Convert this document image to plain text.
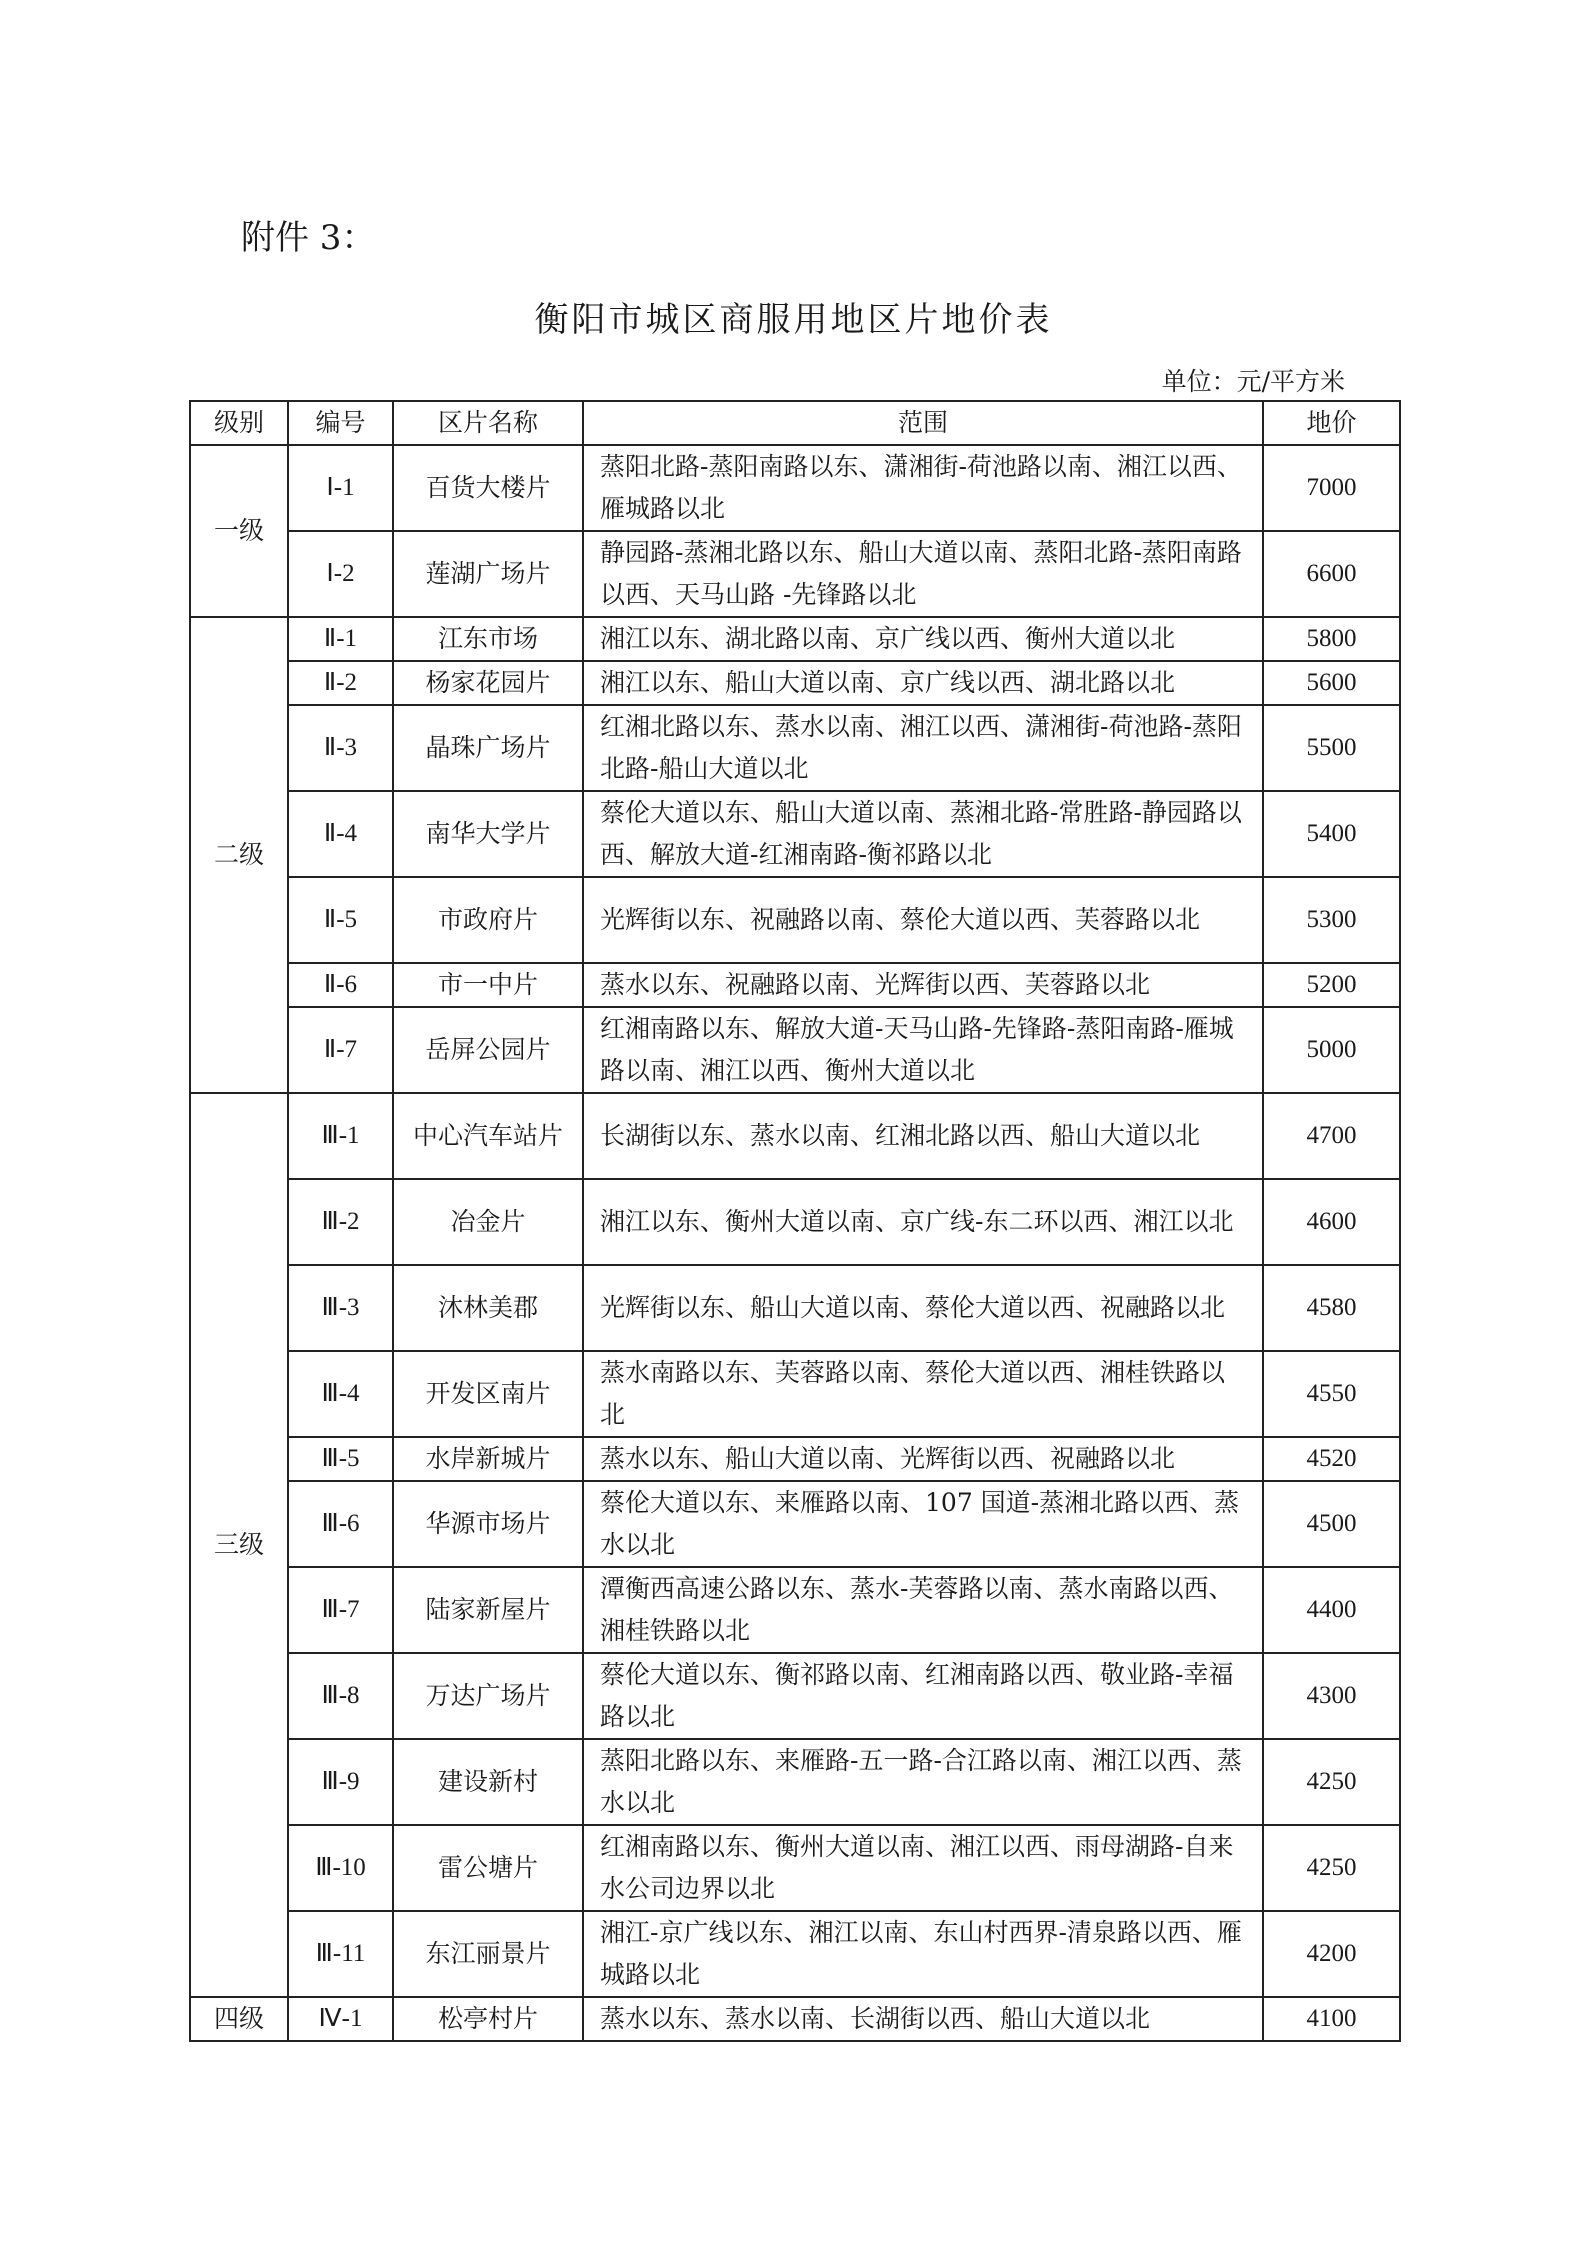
附件 3：
衡阳市城区商服用地区片地价表
单位：元/平方米
级别	编号	区片名称	范围	地价
一级	Ⅰ-1	百货大楼片	蒸阳北路-蒸阳南路以东、潇湘街-荷池路以南、湘江以西、雁城路以北	7000
	Ⅰ-2	莲湖广场片	静园路-蒸湘北路以东、船山大道以南、蒸阳北路-蒸阳南路以西、天马山路 -先锋路以北	6600
二级	Ⅱ-1	江东市场	湘江以东、湖北路以南、京广线以西、衡州大道以北	5800
	Ⅱ-2	杨家花园片	湘江以东、船山大道以南、京广线以西、湖北路以北	5600
	Ⅱ-3	晶珠广场片	红湘北路以东、蒸水以南、湘江以西、潇湘街-荷池路-蒸阳北路-船山大道以北	5500
	Ⅱ-4	南华大学片	蔡伦大道以东、船山大道以南、蒸湘北路-常胜路-静园路以西、解放大道-红湘南路-衡祁路以北	5400
	Ⅱ-5	市政府片	光辉街以东、祝融路以南、蔡伦大道以西、芙蓉路以北	5300
	Ⅱ-6	市一中片	蒸水以东、祝融路以南、光辉街以西、芙蓉路以北	5200
	Ⅱ-7	岳屏公园片	红湘南路以东、解放大道-天马山路-先锋路-蒸阳南路-雁城路以南、湘江以西、衡州大道以北	5000
三级	Ⅲ-1	中心汽车站片	长湖街以东、蒸水以南、红湘北路以西、船山大道以北	4700
	Ⅲ-2	冶金片	湘江以东、衡州大道以南、京广线-东二环以西、湘江以北	4600
	Ⅲ-3	沐林美郡	光辉街以东、船山大道以南、蔡伦大道以西、祝融路以北	4580
	Ⅲ-4	开发区南片	蒸水南路以东、芙蓉路以南、蔡伦大道以西、湘桂铁路以北	4550
	Ⅲ-5	水岸新城片	蒸水以东、船山大道以南、光辉街以西、祝融路以北	4520
	Ⅲ-6	华源市场片	蔡伦大道以东、来雁路以南、107 国道-蒸湘北路以西、蒸水以北	4500
	Ⅲ-7	陆家新屋片	潭衡西高速公路以东、蒸水-芙蓉路以南、蒸水南路以西、湘桂铁路以北	4400
	Ⅲ-8	万达广场片	蔡伦大道以东、衡祁路以南、红湘南路以西、敬业路-幸福路以北	4300
	Ⅲ-9	建设新村	蒸阳北路以东、来雁路-五一路-合江路以南、湘江以西、蒸水以北	4250
	Ⅲ-10	雷公塘片	红湘南路以东、衡州大道以南、湘江以西、雨母湖路-自来水公司边界以北	4250
	Ⅲ-11	东江丽景片	湘江-京广线以东、湘江以南、东山村西界-清泉路以西、雁城路以北	4200
四级	Ⅳ-1	松亭村片	蒸水以东、蒸水以南、长湖街以西、船山大道以北	4100
